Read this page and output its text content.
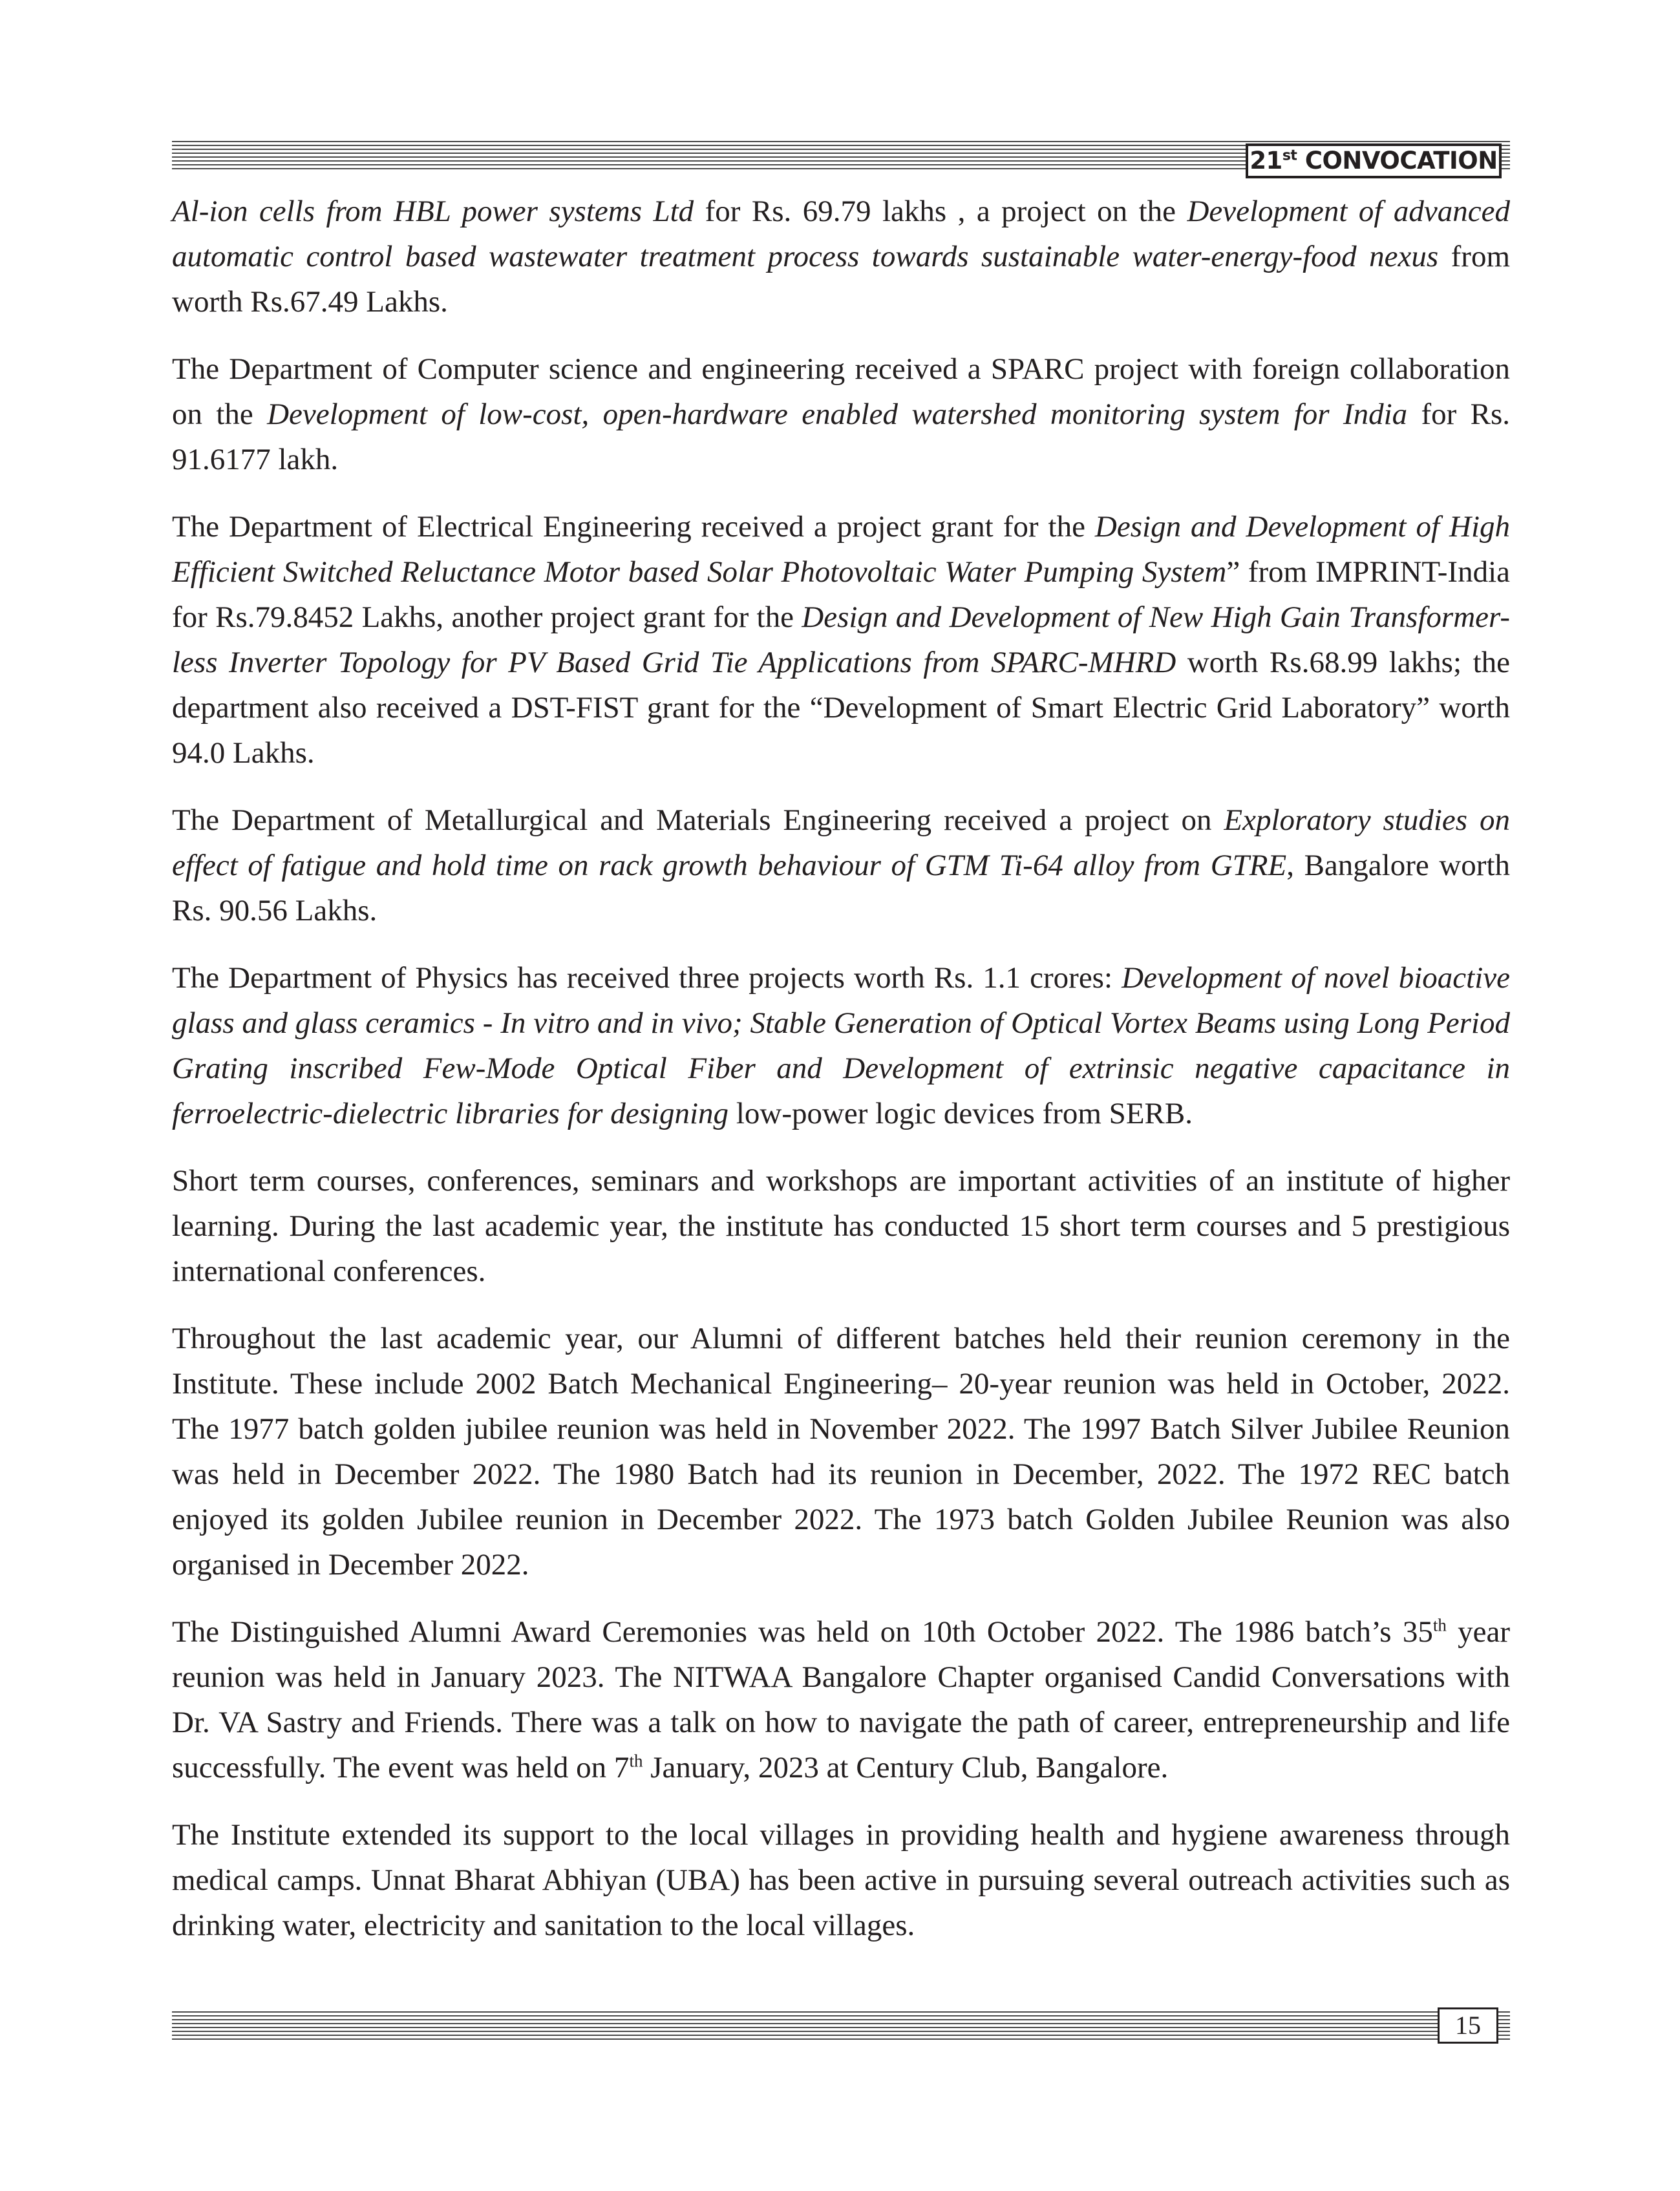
21st CONVOCATION

Al-ion cells from HBL power systems Ltd for Rs. 69.79 lakhs , a project on the Development of advanced automatic control based wastewater treatment process towards sustainable water-energy-food nexus from worth Rs.67.49 Lakhs.

The Department of Computer science and engineering received a SPARC project with foreign collaboration on the Development of low-cost, open-hardware enabled watershed monitoring system for India for Rs. 91.6177 lakh.

The Department of Electrical Engineering received a project grant for the Design and Development of High Efficient Switched Reluctance Motor based Solar Photovoltaic Water Pumping System” from IMPRINT-India for Rs.79.8452 Lakhs, another project grant for the Design and Development of New High Gain Transformer-less Inverter Topology for PV Based Grid Tie Applications from SPARC-MHRD worth Rs.68.99 lakhs; the department also received a DST-FIST grant for the “Development of Smart Electric Grid Laboratory” worth 94.0 Lakhs.

The Department of Metallurgical and Materials Engineering received a project on Exploratory studies on effect of fatigue and hold time on rack growth behaviour of GTM Ti-64 alloy from GTRE, Bangalore worth Rs. 90.56 Lakhs.

The Department of Physics has received three projects worth Rs. 1.1 crores: Development of novel bioactive glass and glass ceramics - In vitro and in vivo; Stable Generation of Optical Vortex Beams using Long Period Grating inscribed Few-Mode Optical Fiber and Development of extrinsic negative capacitance in ferroelectric-dielectric libraries for designing low-power logic devices from SERB.

Short term courses, conferences, seminars and workshops are important activities of an institute of higher learning. During the last academic year, the institute has conducted 15 short term courses and 5 prestigious international conferences.

Throughout the last academic year, our Alumni of different batches held their reunion ceremony in the Institute. These include 2002 Batch Mechanical Engineering– 20-year reunion was held in October, 2022. The 1977 batch golden jubilee reunion was held in November 2022. The 1997 Batch Silver Jubilee Reunion was held in December 2022. The 1980 Batch had its reunion in December, 2022. The 1972 REC batch enjoyed its golden Jubilee reunion in December 2022. The 1973 batch Golden Jubilee Reunion was also organised in December 2022.

The Distinguished Alumni Award Ceremonies was held on 10th October 2022. The 1986 batch’s 35th year reunion was held in January 2023. The NITWAA Bangalore Chapter organised Candid Conversations with Dr. VA Sastry and Friends. There was a talk on how to navigate the path of career, entrepreneurship and life successfully. The event was held on 7th January, 2023 at Century Club, Bangalore.

The Institute extended its support to the local villages in providing health and hygiene awareness through medical camps. Unnat Bharat Abhiyan (UBA) has been active in pursuing several outreach activities such as drinking water, electricity and sanitation to the local villages.

15
